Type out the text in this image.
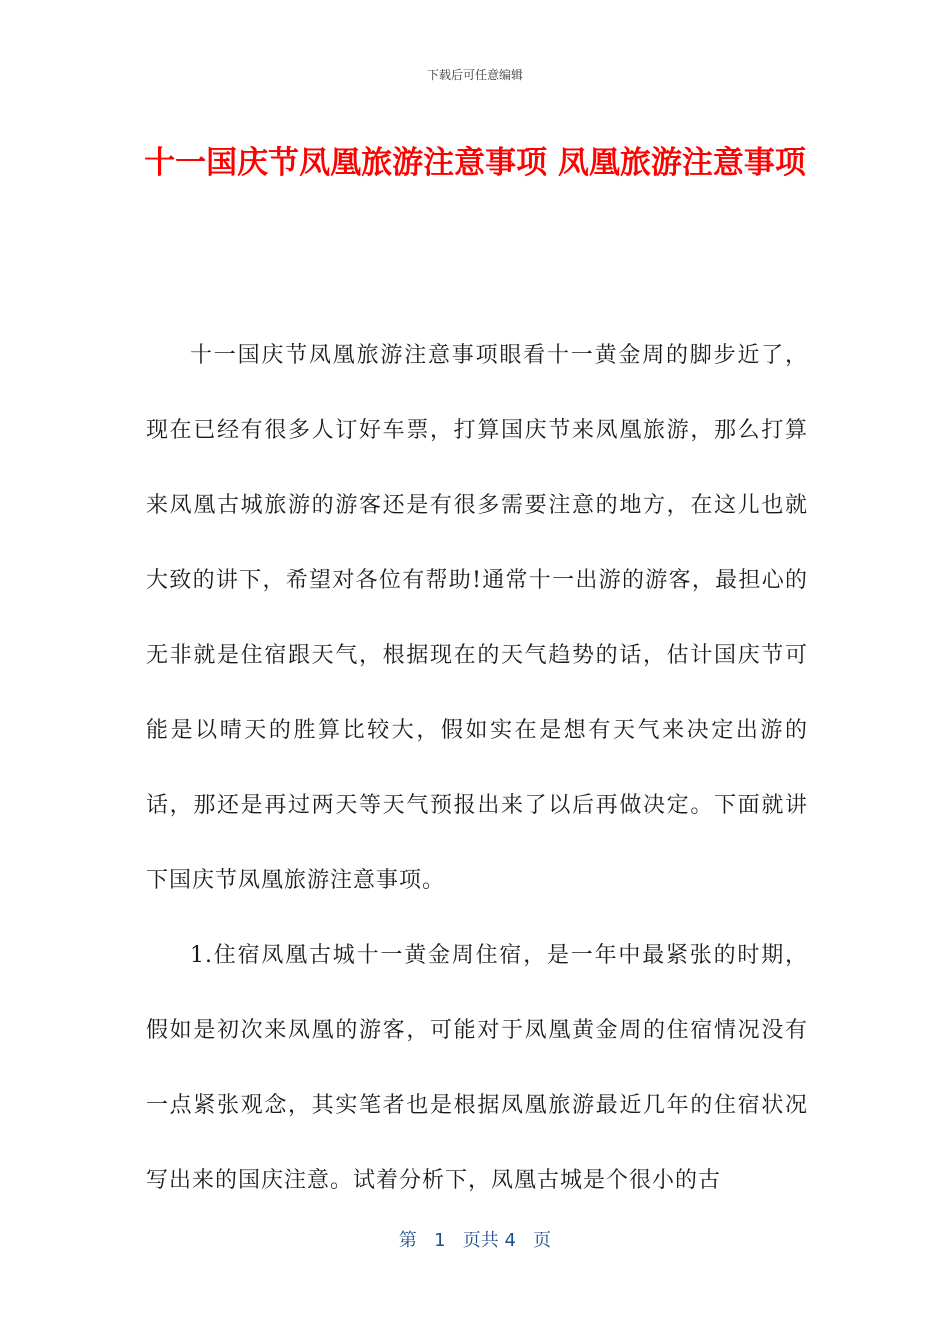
下载后可任意编辑
十一国庆节凤凰旅游注意事项 凤凰旅游注意事项

十一国庆节凤凰旅游注意事项眼看十一黄金周的脚步近了，现在已经有很多人订好车票，打算国庆节来凤凰旅游，那么打算来凤凰古城旅游的游客还是有很多需要注意的地方，在这儿也就大致的讲下，希望对各位有帮助!通常十一出游的游客，最担心的无非就是住宿跟天气，根据现在的天气趋势的话，估计国庆节可能是以晴天的胜算比较大，假如实在是想有天气来决定出游的话，那还是再过两天等天气预报出来了以后再做决定。下面就讲下国庆节凤凰旅游注意事项。

1.住宿凤凰古城十一黄金周住宿，是一年中最紧张的时期，假如是初次来凤凰的游客，可能对于凤凰黄金周的住宿情况没有一点紧张观念，其实笔者也是根据凤凰旅游最近几年的住宿状况写出来的国庆注意。试着分析下，凤凰古城是个很小的古

第 1 页共 4 页
